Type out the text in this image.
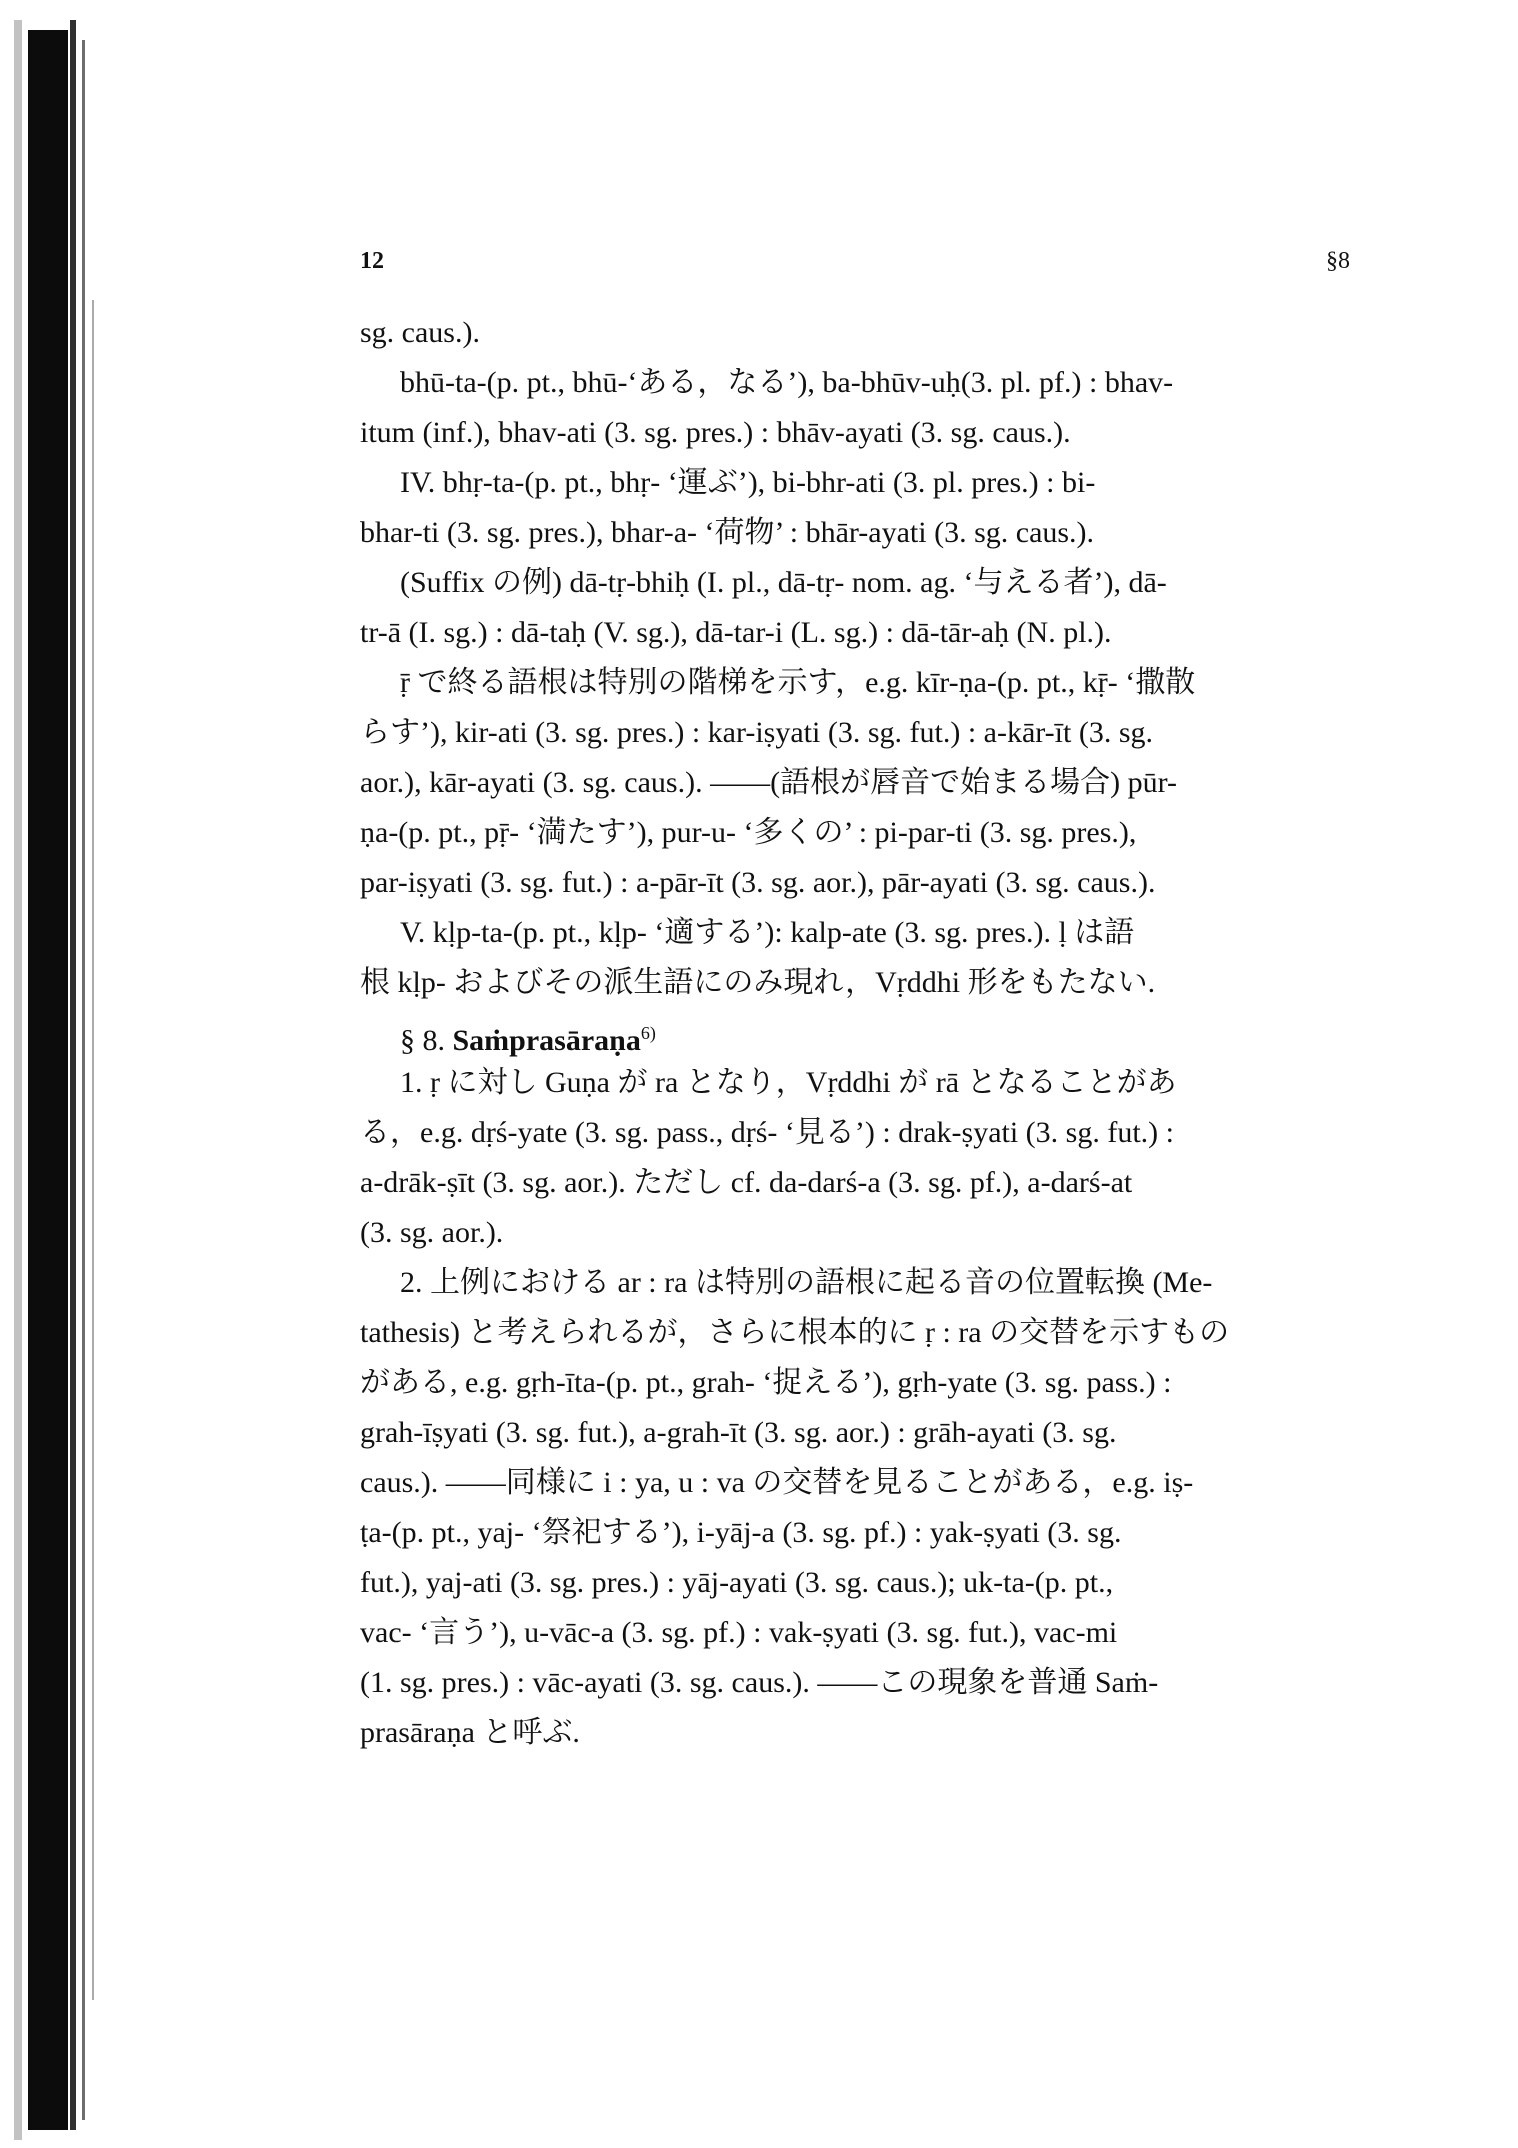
12	§8
sg. caus.).
bhū-ta-(p. pt., bhū-‘ある，なる’), ba-bhūv-uḥ(3. pl. pf.) : bhav-
itum (inf.), bhav-ati (3. sg. pres.) : bhāv-ayati (3. sg. caus.).
IV. bhṛ-ta-(p. pt., bhṛ- ‘運ぶ’), bi-bhr-ati (3. pl. pres.) : bi-
bhar-ti (3. sg. pres.), bhar-a- ‘荷物’ : bhār-ayati (3. sg. caus.).
(Suffix の例) dā-tṛ-bhiḥ (I. pl., dā-tṛ- nom. ag. ‘与える者’), dā-
tr-ā (I. sg.) : dā-taḥ (V. sg.), dā-tar-i (L. sg.) : dā-tār-aḥ (N. pl.).
ṝ で終る語根は特別の階梯を示す，e.g. kīr-ṇa-(p. pt., kṝ- ‘撒散
らす’), kir-ati (3. sg. pres.) : kar-iṣyati (3. sg. fut.) : a-kār-īt (3. sg.
aor.), kār-ayati (3. sg. caus.). ——(語根が唇音で始まる場合) pūr-
ṇa-(p. pt., pṝ- ‘満たす’), pur-u- ‘多くの’ : pi-par-ti (3. sg. pres.),
par-iṣyati (3. sg. fut.) : a-pār-īt (3. sg. aor.), pār-ayati (3. sg. caus.).
V. kḷp-ta-(p. pt., kḷp- ‘適する’): kalp-ate (3. sg. pres.). ḷ は語
根 kḷp- およびその派生語にのみ現れ，Vṛddhi 形をもたない.
§ 8. Saṁprasāraṇa$^{6)}$
1. ṛ に対し Guṇa が ra となり，Vṛddhi が rā となることがあ
る，e.g. dṛś-yate (3. sg. pass., dṛś- ‘見る’) : drak-ṣyati (3. sg. fut.) :
a-drāk-ṣīt (3. sg. aor.). ただし cf. da-darś-a (3. sg. pf.), a-darś-at
(3. sg. aor.).
2. 上例における ar : ra は特別の語根に起る音の位置転換 (Me-
tathesis) と考えられるが，さらに根本的に ṛ : ra の交替を示すもの
がある, e.g. gṛh-īta-(p. pt., grah- ‘捉える’), gṛh-yate (3. sg. pass.) :
grah-īṣyati (3. sg. fut.), a-grah-īt (3. sg. aor.) : grāh-ayati (3. sg.
caus.). ——同様に i : ya, u : va の交替を見ることがある，e.g. iṣ-
ṭa-(p. pt., yaj- ‘祭祀する’), i-yāj-a (3. sg. pf.) : yak-ṣyati (3. sg.
fut.), yaj-ati (3. sg. pres.) : yāj-ayati (3. sg. caus.); uk-ta-(p. pt.,
vac- ‘言う’), u-vāc-a (3. sg. pf.) : vak-ṣyati (3. sg. fut.), vac-mi
(1. sg. pres.) : vāc-ayati (3. sg. caus.). ——この現象を普通 Saṁ-
prasāraṇa と呼ぶ.
